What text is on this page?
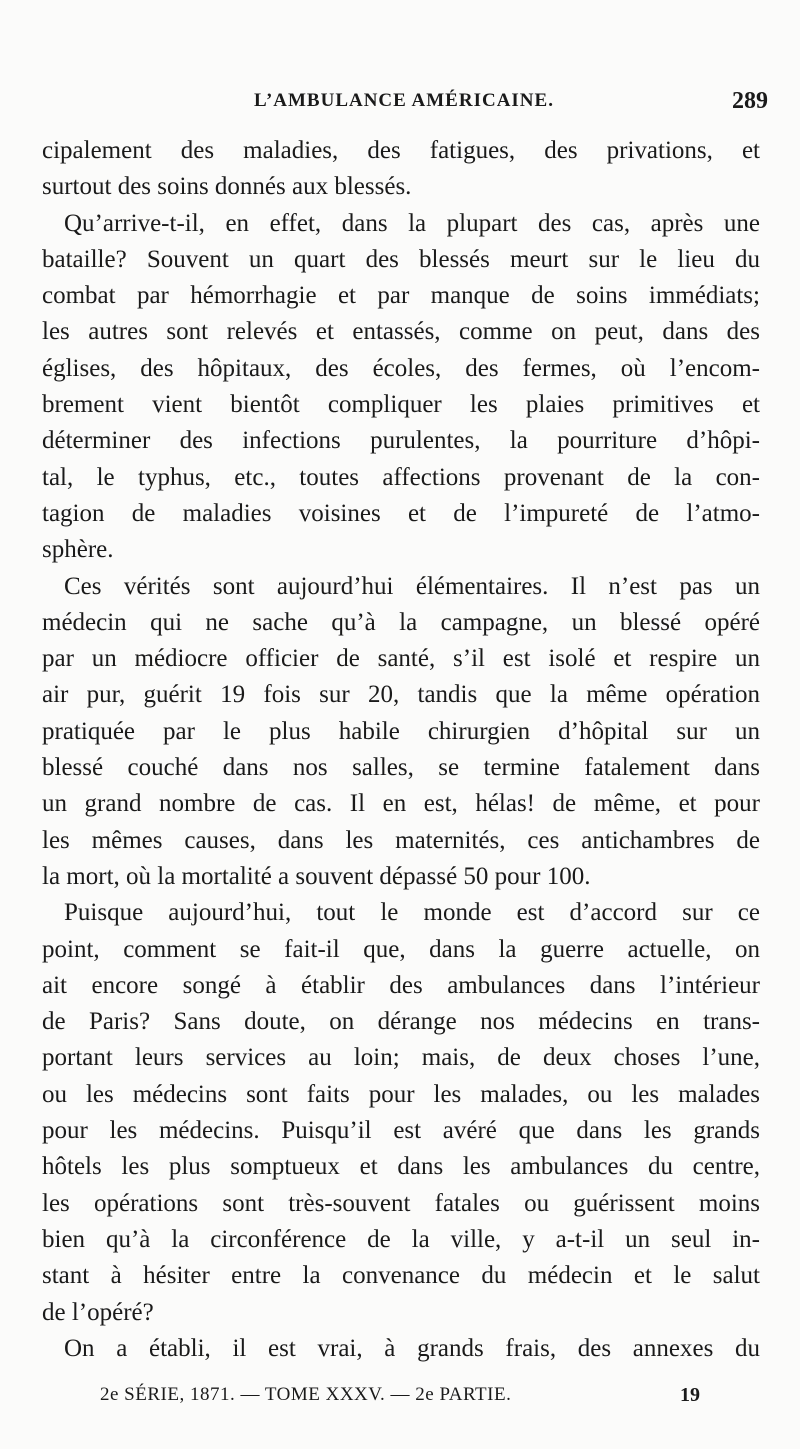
L’AMBULANCE AMÉRICAINE.	289
cipalement des maladies, des fatigues, des privations, et
surtout des soins donnés aux blessés.
Qu’arrive-t-il, en effet, dans la plupart des cas, après une
bataille? Souvent un quart des blessés meurt sur le lieu du
combat par hémorrhagie et par manque de soins immédiats;
les autres sont relevés et entassés, comme on peut, dans des
églises, des hôpitaux, des écoles, des fermes, où l’encom-
brement vient bientôt compliquer les plaies primitives et
déterminer des infections purulentes, la pourriture d’hôpi-
tal, le typhus, etc., toutes affections provenant de la con-
tagion de maladies voisines et de l’impureté de l’atmo-
sphère.
Ces vérités sont aujourd’hui élémentaires. Il n’est pas un
médecin qui ne sache qu’à la campagne, un blessé opéré
par un médiocre officier de santé, s’il est isolé et respire un
air pur, guérit 19 fois sur 20, tandis que la même opération
pratiquée par le plus habile chirurgien d’hôpital sur un
blessé couché dans nos salles, se termine fatalement dans
un grand nombre de cas. Il en est, hélas! de même, et pour
les mêmes causes, dans les maternités, ces antichambres de
la mort, où la mortalité a souvent dépassé 50 pour 100.
Puisque aujourd’hui, tout le monde est d’accord sur ce
point, comment se fait-il que, dans la guerre actuelle, on
ait encore songé à établir des ambulances dans l’intérieur
de Paris? Sans doute, on dérange nos médecins en trans-
portant leurs services au loin; mais, de deux choses l’une,
ou les médecins sont faits pour les malades, ou les malades
pour les médecins. Puisqu’il est avéré que dans les grands
hôtels les plus somptueux et dans les ambulances du centre,
les opérations sont très-souvent fatales ou guérissent moins
bien qu’à la circonférence de la ville, y a-t-il un seul in-
stant à hésiter entre la convenance du médecin et le salut
de l’opéré?
On a établi, il est vrai, à grands frais, des annexes du
2e SÉRIE, 1871. — TOME XXXV. — 2e PARTIE.	19
